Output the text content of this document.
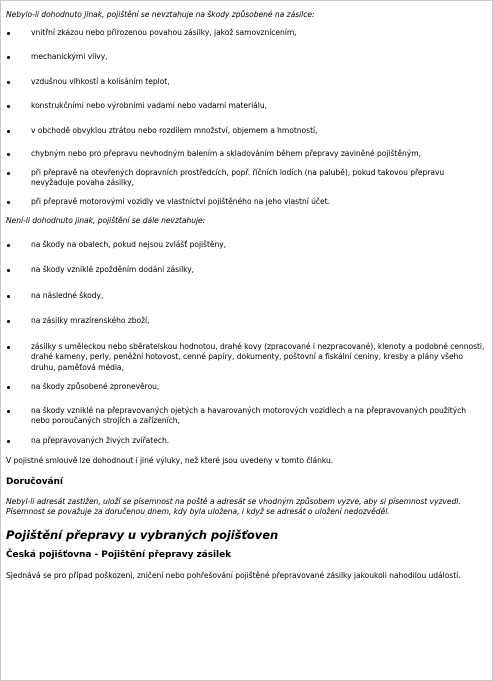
Nebylo-li dohodnuto jinak, pojištění se nevztahuje na škody způsobené na zásilce:

vnitřní zkázou nebo přirozenou povahou zásilky, jakož samovznícením,
mechanickými vlivy,
vzdušnou vlhkostí a kolísáním teplot,
konstrukčními nebo výrobními vadami nebo vadami materiálu,
v obchodě obvyklou ztrátou nebo rozdílem množství, objemem a hmotností,
chybným nebo pro přepravu nevhodným balením a skladováním během přepravy zaviněné pojištěným,
při přepravě na otevřených dopravních prostředcích, popř. říčních lodích (na palubě), pokud takovou přepravu nevyžaduje povaha zásilky,
při přepravě motorovými vozidly ve vlastnictví pojištěného na jeho vlastní účet.

Není-li dohodnuto jinak, pojištění se dále nevztahuje:

na škody na obalech, pokud nejsou zvlášť pojištěny,
na škody vzniklé zpožděním dodání zásilky,
na následné škody,
na zásilky mrazírenského zboží,
zásilky s uměleckou nebo sběratelskou hodnotou, drahé kovy (zpracované i nezpracované), klenoty a podobné cennosti, drahé kameny, perly, peněžní hotovost, cenné papíry, dokumenty, poštovní a fiskální ceniny, kresby a plány všeho druhu, paměťová média,
na škody způsobené zpronevěrou,
na škody vzniklé na přepravovaných ojetých a havarovaných motorových vozidlech a na přepravovaných použitých nebo poroučaných strojích a zařízeních,
na přepravovaných živých zvířatech.

V pojistné smlouvě lze dohodnout i jiné výluky, než které jsou uvedeny v tomto článku.

Doručování

Nebyl-li adresát zastižen, uloží se písemnost na poště a adresát se vhodným způsobem vyzve, aby si písemnost vyzvedl. Písemnost se považuje za doručenou dnem, kdy byla uložena, i když se adresát o uložení nedozvěděl.

Pojištění přepravy u vybraných pojišťoven
Česká pojišťovna - Pojištění přepravy zásilek

Sjednává se pro případ poškození, zničení nebo pohřešování pojištěné přepravované zásilky jakoukoli nahodilou událostí.
